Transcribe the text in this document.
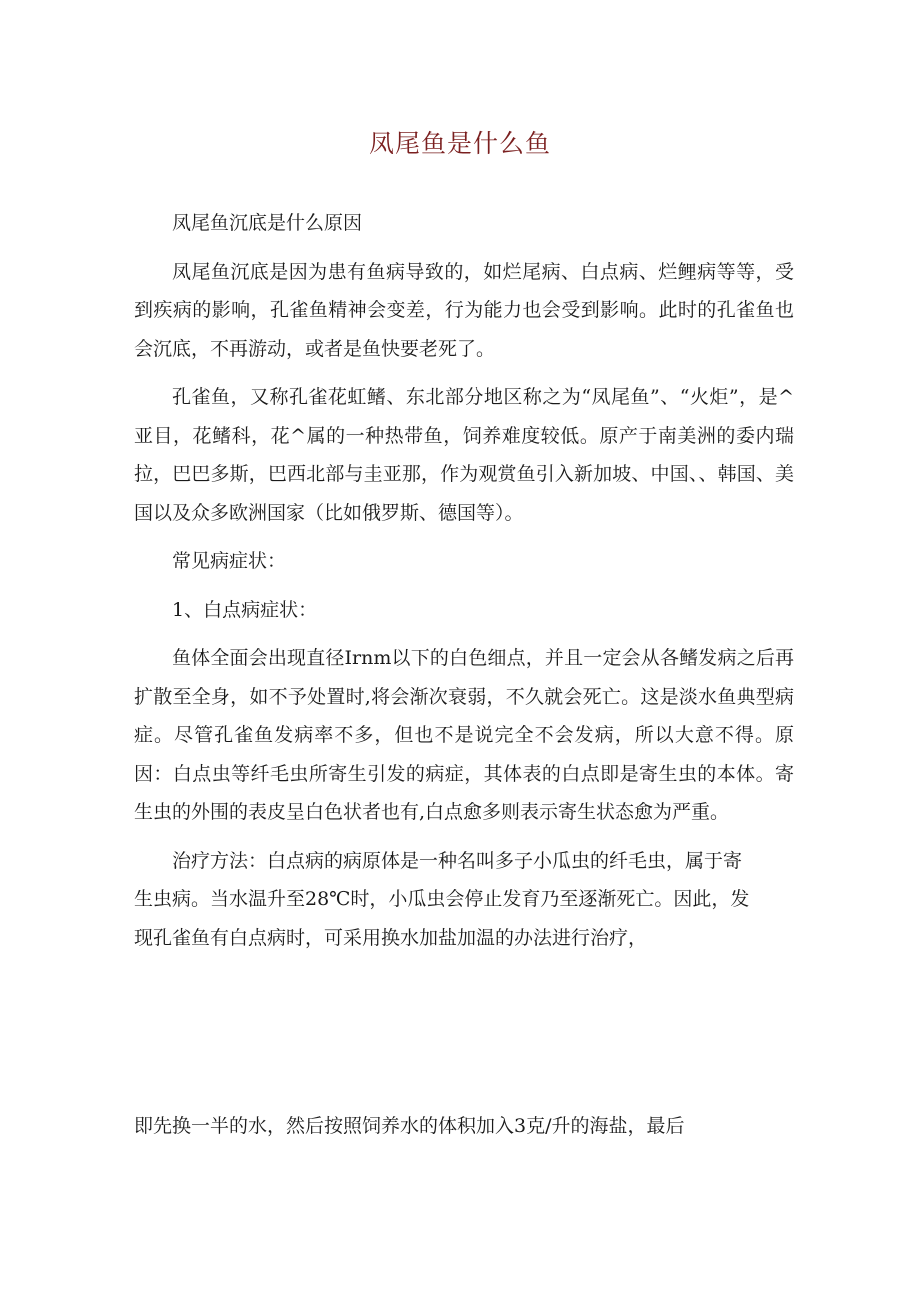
凤尾鱼是什么鱼

凤尾鱼沉底是什么原因

凤尾鱼沉底是因为患有鱼病导致的，如烂尾病、白点病、烂鲤病等等，受到疾病的影响，孔雀鱼精神会变差，行为能力也会受到影响。此时的孔雀鱼也会沉底，不再游动，或者是鱼快要老死了。

孔雀鱼，又称孔雀花虹鳍、东北部分地区称之为“凤尾鱼”、“火炬”，是^亚目，花鳍科，花^属的一种热带鱼，饲养难度较低。原产于南美洲的委内瑞拉，巴巴多斯，巴西北部与圭亚那，作为观赏鱼引入新加坡、中国、、韩国、美国以及众多欧洲国家（比如俄罗斯、德国等）。

常见病症状：

1、白点病症状：

鱼体全面会出现直径Irnm以下的白色细点，并且一定会从各鳍发病之后再扩散至全身，如不予处置时,将会渐次衰弱，不久就会死亡。这是淡水鱼典型病症。尽管孔雀鱼发病率不多，但也不是说完全不会发病，所以大意不得。原因：白点虫等纤毛虫所寄生引发的病症，其体表的白点即是寄生虫的本体。寄生虫的外围的表皮呈白色状者也有,白点愈多则表示寄生状态愈为严重。

治疗方法：白点病的病原体是一种名叫多子小瓜虫的纤毛虫，属于寄
生虫病。当水温升至28℃时，小瓜虫会停止发育乃至逐渐死亡。因此，发
现孔雀鱼有白点病时，可采用换水加盐加温的办法进行治疗，
即先换一半的水，然后按照饲养水的体积加入3克/升的海盐，最后
